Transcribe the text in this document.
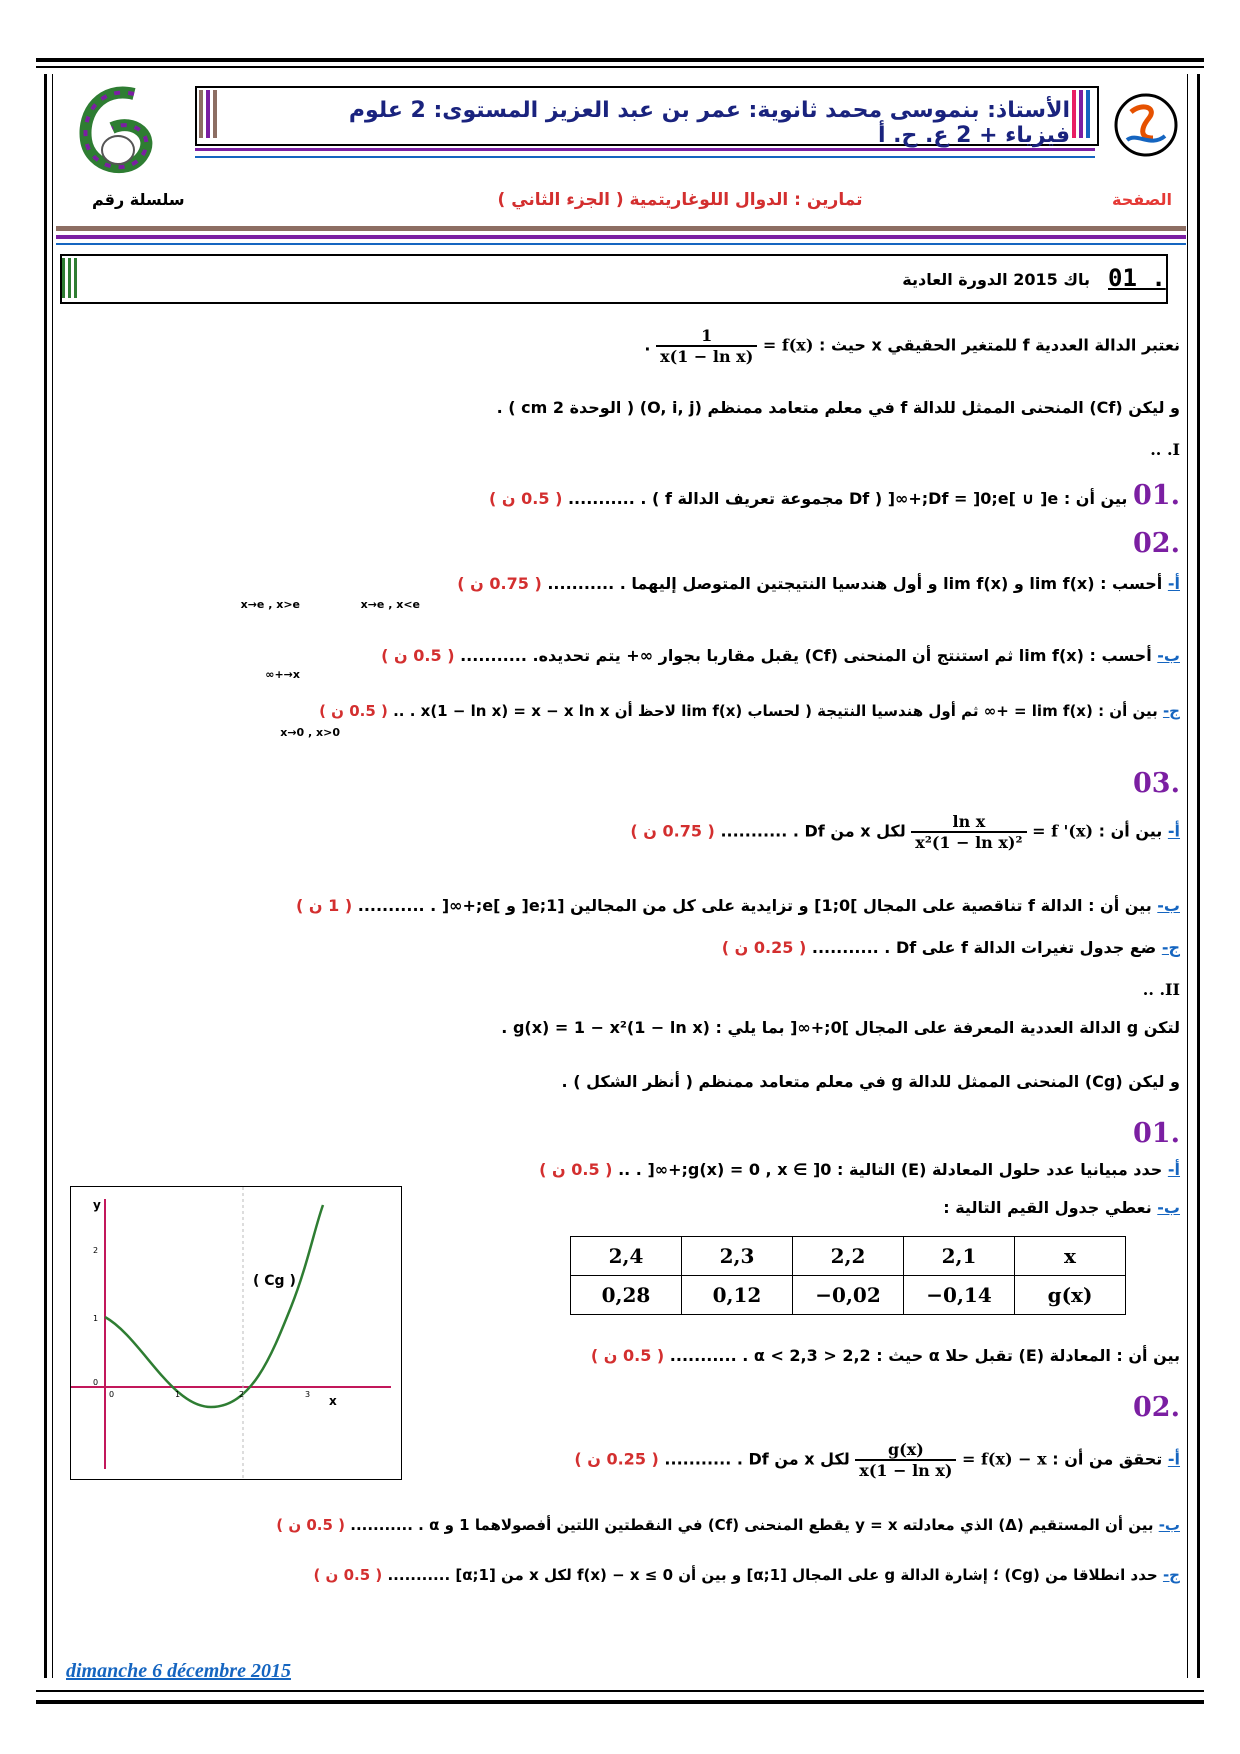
الأستاذ: بنموسى محمد ثانوية: عمر بن عبد العزيز المستوى: 2 علوم فيزياء + 2 ع. ح. أ
سلسلة رقم	تمارين : الدوال اللوغاريتمية ( الجزء الثاني )	الصفحة
01 .
باك 2015 الدورة العادية
نعتبر الدالة العددية f للمتغير الحقيقي x حيث : f(x) =
$\frac{1}{\text{x(1 − ln x)}}$
.
و ليكن (Cf) المنحنى الممثل للدالة f في معلم متعامد ممنظم (O, i, j) ( الوحدة 2 cm ) .
I. ..
.01 بين أن : Df = ]0;e[ ∪ ]e;+∞[ ( Df مجموعة تعريف الدالة f ) . ........... ( 0.5 ن )
.02
أ- أحسب : lim f(x) و lim f(x) و أول هندسيا النتيجتين المتوصل إليهما . ........... ( 0.75 ن )
x→e , x>e	x→e , x<e
ب- أحسب : lim f(x) ثم استنتج أن المنحنى (Cf) يقبل مقاربا بجوار ∞+ يتم تحديده. ........... ( 0.5 ن )
x→+∞
ج- بين أن : lim f(x) = +∞ ثم أول هندسيا النتيجة ( لحساب lim f(x) لاحظ أن x(1 − ln x) = x − x ln x . .. ( 0.5 ن )
x→0 , x>0
.03
أ- بين أن : f '(x) =
$\frac{\text{ln x}}{\text{x²(1 − ln x)²}}$
لكل x من Df . ........... ( 0.75 ن )
ب- بين أن : الدالة f تناقصية على المجال ]0;1] و تزايدية على كل من المجالين [1;e[ و ]e;+∞[ . ........... ( 1 ن )
ج- ضع جدول تغيرات الدالة f على Df . ........... ( 0.25 ن )
II. ..
لتكن g الدالة العددية المعرفة على المجال ]0;+∞[ بما يلي : g(x) = 1 − x²(1 − ln x) .
و ليكن (Cg) المنحنى الممثل للدالة g في معلم متعامد ممنظم ( أنظر الشكل ) .
.01
أ- حدد مبيانيا عدد حلول المعادلة (E) التالية : g(x) = 0 , x ∈ ]0;+∞[ . .. ( 0.5 ن )
ب- نعطي جدول القيم التالية :
2,4	2,3	2,2	2,1	x
0,28	0,12	−0,02	−0,14	g(x)
بين أن : المعادلة (E) تقبل حلا α حيث : 2,2 < α < 2,3 . ........... ( 0.5 ن )
y
x
2
1
0
0	1	2	3
( Cg )
.02
أ- تحقق من أن : f(x) − x =
$\frac{g(x)}{\text{x(1 − ln x)}}$
لكل x من Df . ........... ( 0.25 ن )
ب- بين أن المستقيم (Δ) الذي معادلته y = x يقطع المنحنى (Cf) في النقطتين اللتين أفصولاهما 1 و α . ........... ( 0.5 ن )
ج- حدد انطلاقا من (Cg) ؛ إشارة الدالة g على المجال [1;α] و بين أن 0 ≥ f(x) − x لكل x من [1;α] ........... ( 0.5 ن )
dimanche 6 décembre 2015
